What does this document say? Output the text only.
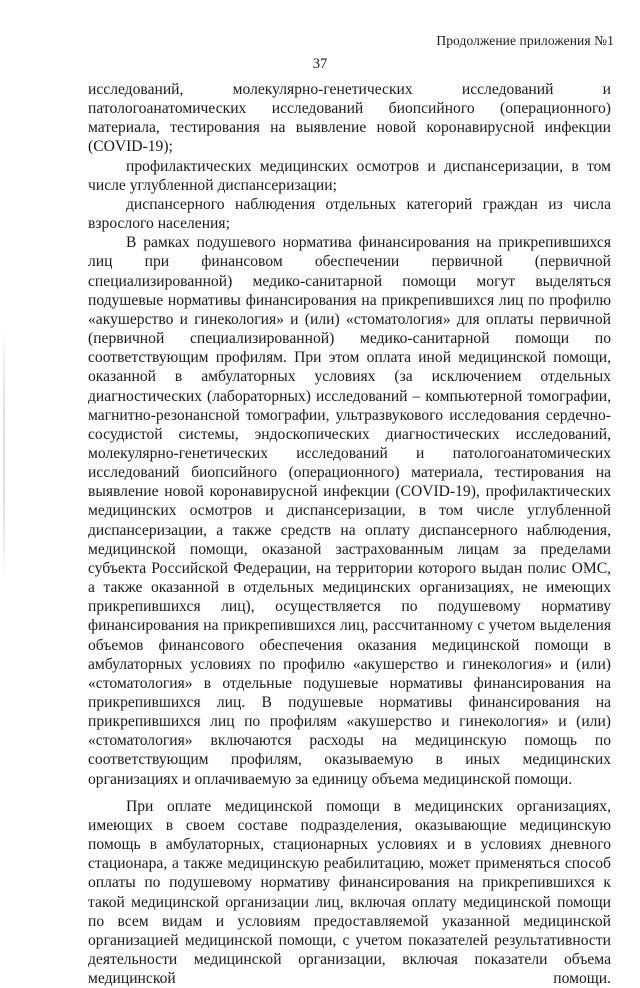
Продолжение приложения №1
37

исследований, молекулярно-генетических исследований и патологоанатомических исследований биопсийного (операционного) материала, тестирования на выявление новой коронавирусной инфекции (COVID-19);

профилактических медицинских осмотров и диспансеризации, в том числе углубленной диспансеризации;

диспансерного наблюдения отдельных категорий граждан из числа взрослого населения;

В рамках подушевого норматива финансирования на прикрепившихся лиц при финансовом обеспечении первичной (первичной специализированной) медико-санитарной помощи могут выделяться подушевые нормативы финансирования на прикрепившихся лиц по профилю «акушерство и гинекология» и (или) «стоматология» для оплаты первичной (первичной специализированной) медико-санитарной помощи по соответствующим профилям. При этом оплата иной медицинской помощи, оказанной в амбулаторных условиях (за исключением отдельных диагностических (лабораторных) исследований – компьютерной томографии, магнитно-резонансной томографии, ультразвукового исследования сердечно-сосудистой системы, эндоскопических диагностических исследований, молекулярно-генетических исследований и патологоанатомических исследований биопсийного (операционного) материала, тестирования на выявление новой коронавирусной инфекции (COVID-19), профилактических медицинских осмотров и диспансеризации, в том числе углубленной диспансеризации, а также средств на оплату диспансерного наблюдения, медицинской помощи, оказаной застрахованным лицам за пределами субъекта Российской Федерации, на территории которого выдан полис ОМС, а также оказанной в отдельных медицинских организациях, не имеющих прикрепившихся лиц), осуществляется по подушевому нормативу финансирования на прикрепившихся лиц, рассчитанному с учетом выделения объемов финансового обеспечения оказания медицинской помощи в амбулаторных условиях по профилю «акушерство и гинекология» и (или) «стоматология» в отдельные подушевые нормативы финансирования на прикрепившихся лиц. В подушевые нормативы финансирования на прикрепившихся лиц по профилям «акушерство и гинекология» и (или) «стоматология» включаются расходы на медицинскую помощь по соответствующим профилям, оказываемую в иных медицинских организациях и оплачиваемую за единицу объема медицинской помощи.

При оплате медицинской помощи в медицинских организациях, имеющих в своем составе подразделения, оказывающие медицинскую помощь в амбулаторных, стационарных условиях и в условиях дневного стационара, а также медицинскую реабилитацию, может применяться способ оплаты по подушевому нормативу финансирования на прикрепившихся к такой медицинской организации лиц, включая оплату медицинской помощи по всем видам и условиям предоставляемой указанной медицинской организацией медицинской помощи, с учетом показателей результативности деятельности медицинской организации, включая показатели объема медицинской помощи.
